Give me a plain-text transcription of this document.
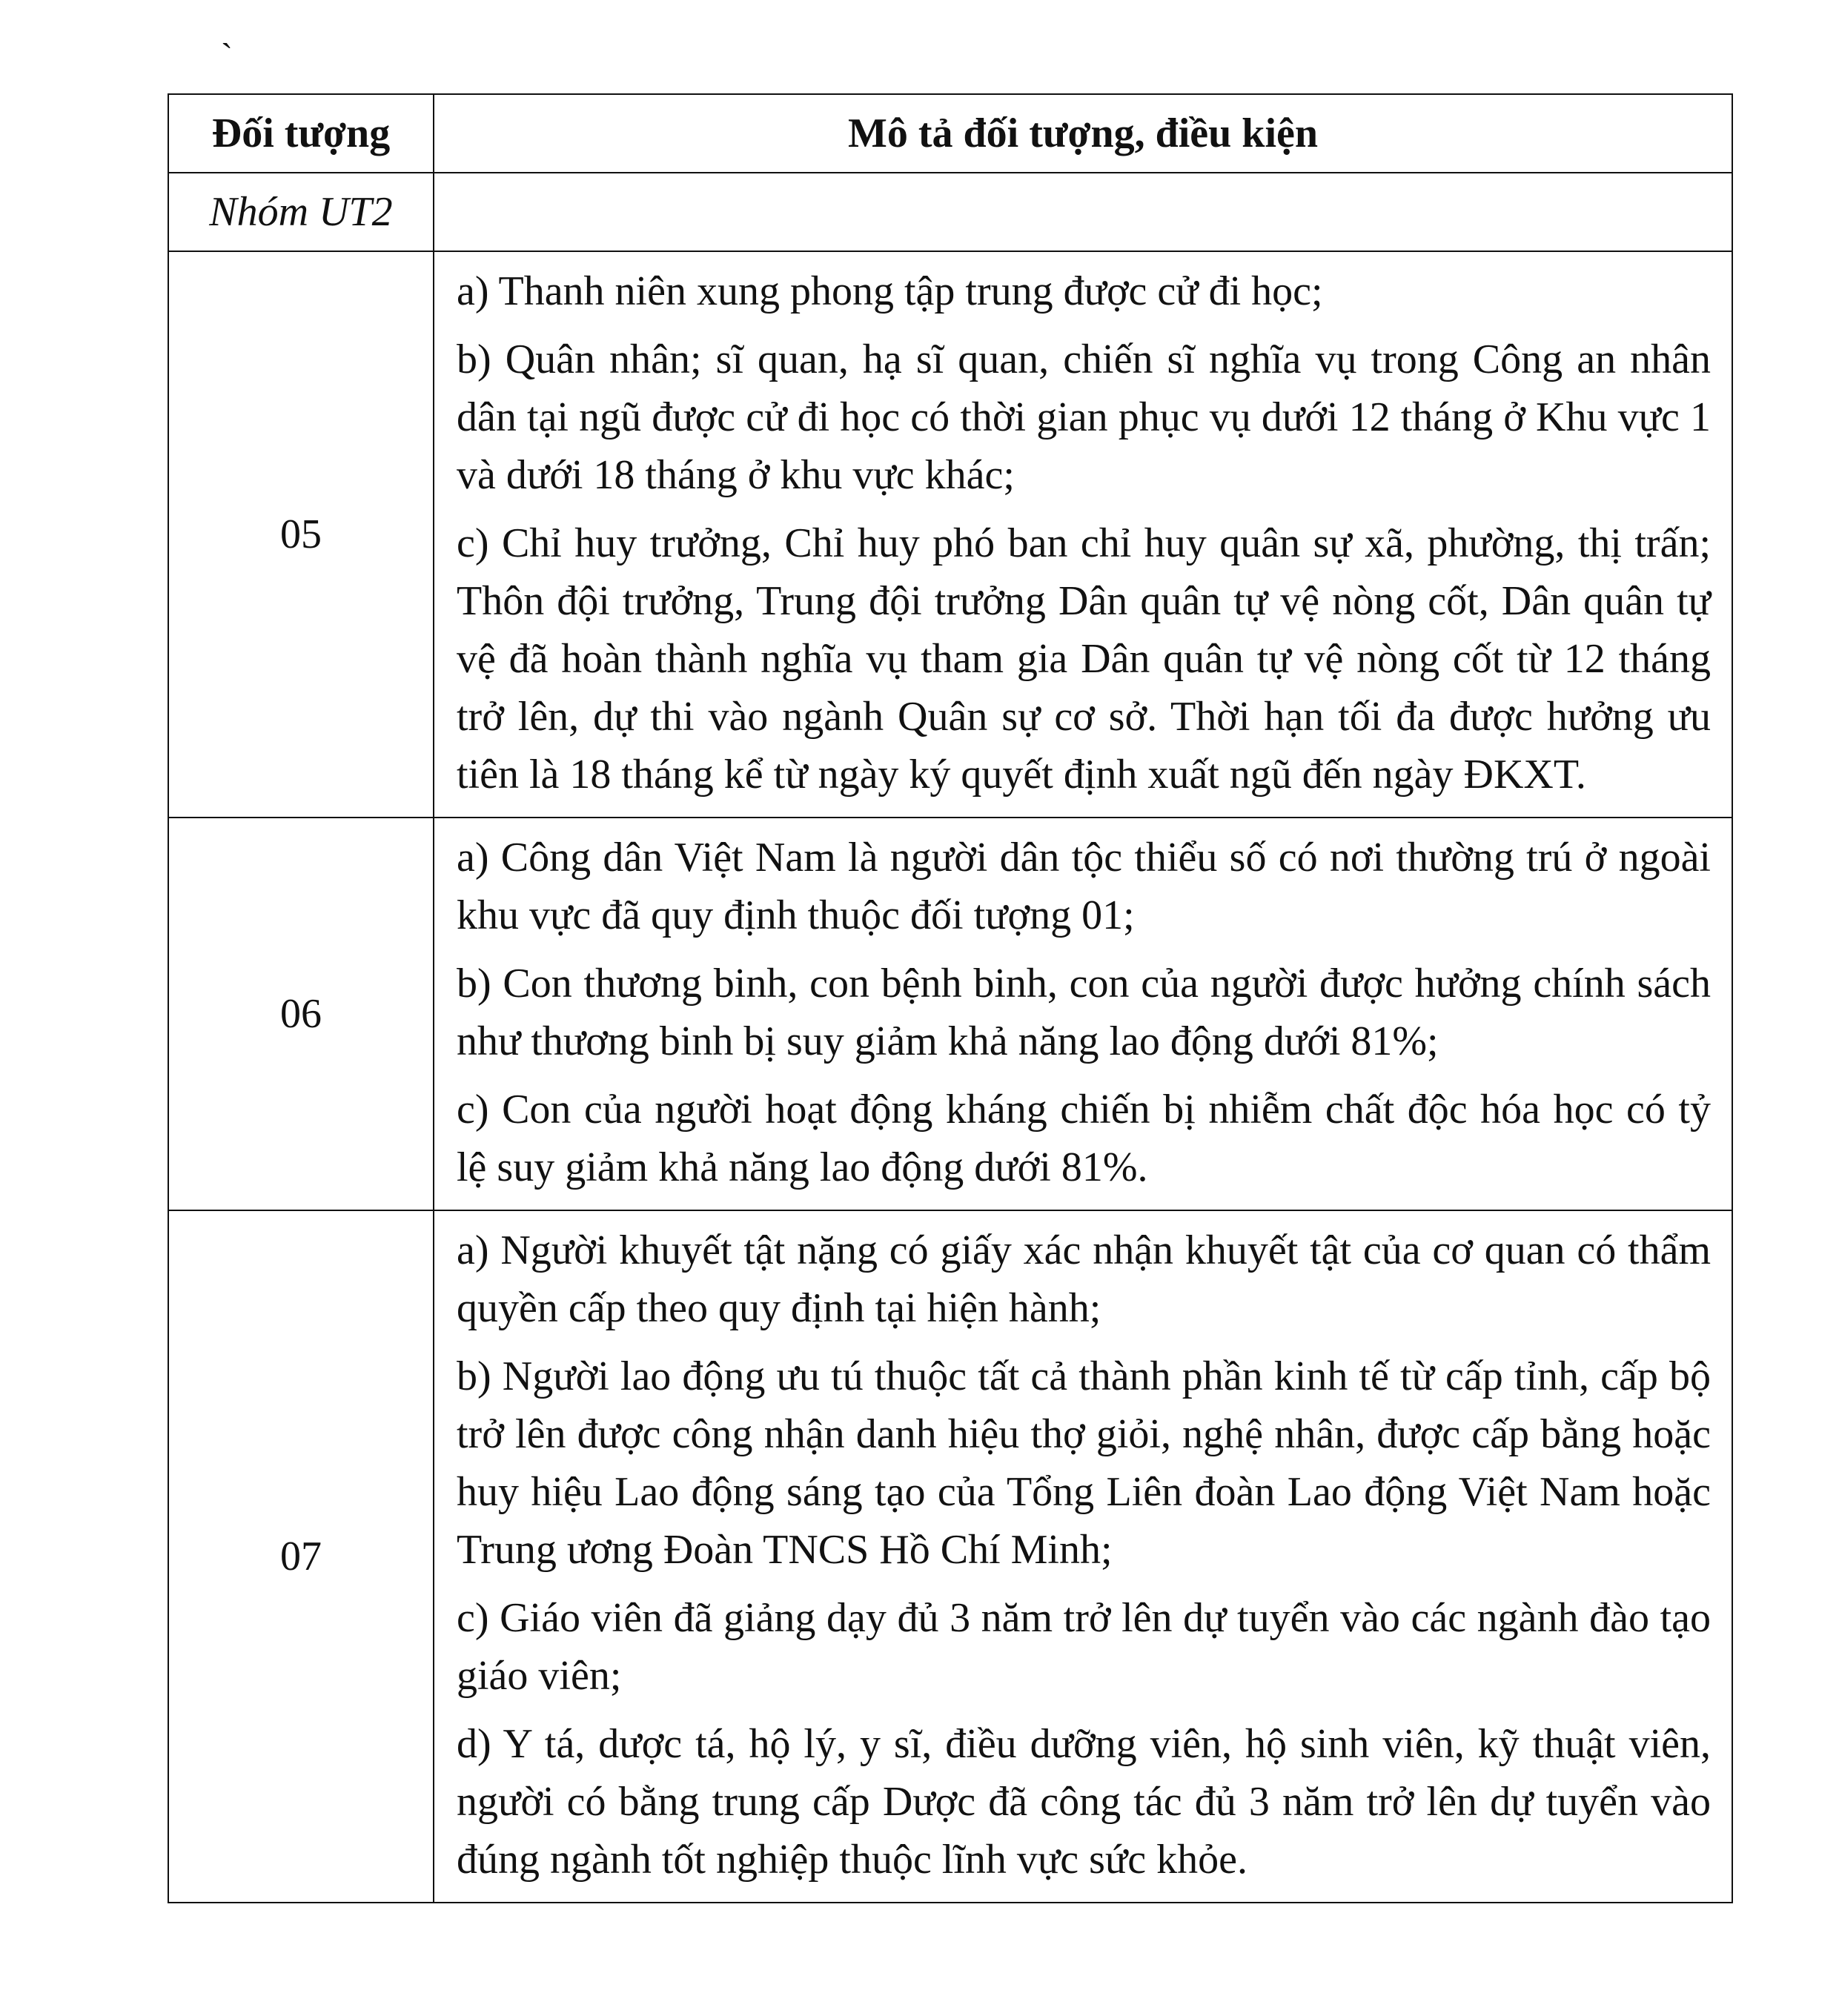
`
Đối tượng	Mô tả đối tượng, điều kiện
Nhóm UT2	
05	a) Thanh niên xung phong tập trung được cử đi học;

b) Quân nhân; sĩ quan, hạ sĩ quan, chiến sĩ nghĩa vụ trong Công an nhân dân tại ngũ được cử đi học có thời gian phục vụ dưới 12 tháng ở Khu vực 1 và dưới 18 tháng ở khu vực khác;

c) Chỉ huy trưởng, Chỉ huy phó ban chỉ huy quân sự xã, phường, thị trấn; Thôn đội trưởng, Trung đội trưởng Dân quân tự vệ nòng cốt, Dân quân tự vệ đã hoàn thành nghĩa vụ tham gia Dân quân tự vệ nòng cốt từ 12 tháng trở lên, dự thi vào ngành Quân sự cơ sở. Thời hạn tối đa được hưởng ưu tiên là 18 tháng kể từ ngày ký quyết định xuất ngũ đến ngày ĐKXT.

06	a) Công dân Việt Nam là người dân tộc thiểu số có nơi thường trú ở ngoài khu vực đã quy định thuộc đối tượng 01;

b) Con thương binh, con bệnh binh, con của người được hưởng chính sách như thương binh bị suy giảm khả năng lao động dưới 81%;

c) Con của người hoạt động kháng chiến bị nhiễm chất độc hóa học có tỷ lệ suy giảm khả năng lao động dưới 81%.

07	a) Người khuyết tật nặng có giấy xác nhận khuyết tật của cơ quan có thẩm quyền cấp theo quy định tại hiện hành;

b) Người lao động ưu tú thuộc tất cả thành phần kinh tế từ cấp tỉnh, cấp bộ trở lên được công nhận danh hiệu thợ giỏi, nghệ nhân, được cấp bằng hoặc huy hiệu Lao động sáng tạo của Tổng Liên đoàn Lao động Việt Nam hoặc Trung ương Đoàn TNCS Hồ Chí Minh;

c) Giáo viên đã giảng dạy đủ 3 năm trở lên dự tuyển vào các ngành đào tạo giáo viên;

d) Y tá, dược tá, hộ lý, y sĩ, điều dưỡng viên, hộ sinh viên, kỹ thuật viên, người có bằng trung cấp Dược đã công tác đủ 3 năm trở lên dự tuyển vào đúng ngành tốt nghiệp thuộc lĩnh vực sức khỏe.
